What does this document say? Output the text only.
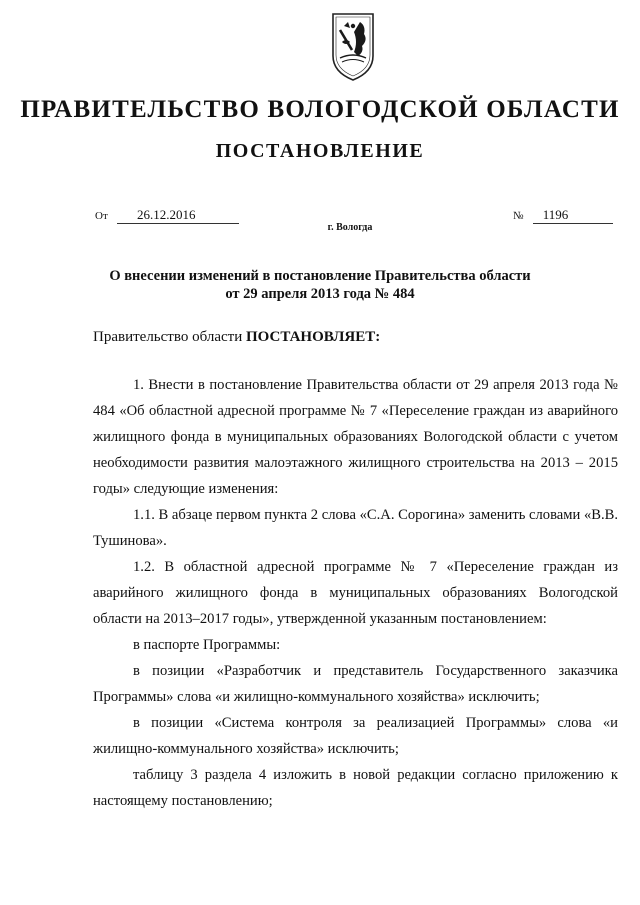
ПРАВИТЕЛЬСТВО ВОЛОГОДСКОЙ ОБЛАСТИ
ПОСТАНОВЛЕНИЕ
От 26.12.2016	№ 1196
г. Вологда
О внесении изменений в постановление Правительства области
от 29 апреля 2013 года № 484
Правительство области ПОСТАНОВЛЯЕТ:

1. Внести в постановление Правительства области от 29 апреля 2013 года № 484 «Об областной адресной программе № 7 «Переселение граждан из аварийного жилищного фонда в муниципальных образованиях Вологодской области с учетом необходимости развития малоэтажного жилищного строительства на 2013 – 2015 годы» следующие изменения:

1.1. В абзаце первом пункта 2 слова «С.А. Сорогина» заменить словами «В.В. Тушинова».

1.2. В областной адресной программе № 7 «Переселение граждан из аварийного жилищного фонда в муниципальных образованиях Вологодской области на 2013–2017 годы», утвержденной указанным постановлением:

в паспорте Программы:

в позиции «Разработчик и представитель Государственного заказчика Программы» слова «и жилищно-коммунального хозяйства» исключить;

в позиции «Система контроля за реализацией Программы» слова «и жилищно-коммунального хозяйства» исключить;

таблицу 3 раздела 4 изложить в новой редакции согласно приложению к настоящему постановлению;
